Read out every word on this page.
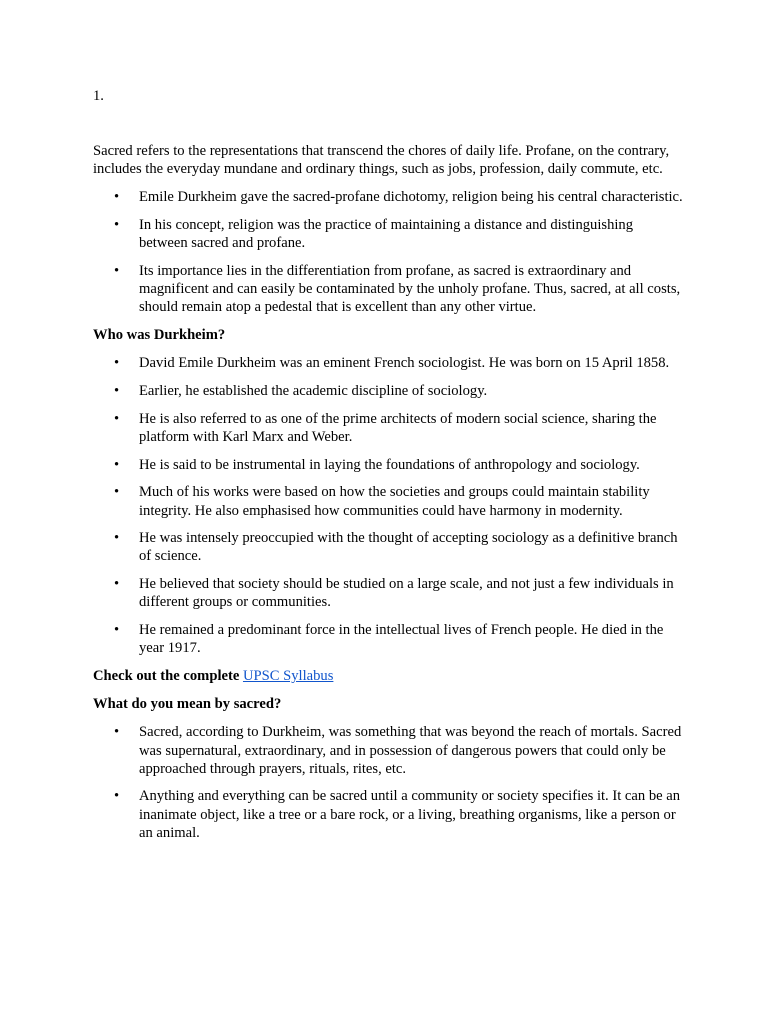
1.

Sacred refers to the representations that transcend the chores of daily life. Profane, on the contrary, includes the everyday mundane and ordinary things, such as jobs, profession, daily commute, etc.

• Emile Durkheim gave the sacred-profane dichotomy, religion being his central characteristic.
• In his concept, religion was the practice of maintaining a distance and distinguishing between sacred and profane.
• Its importance lies in the differentiation from profane, as sacred is extraordinary and magnificent and can easily be contaminated by the unholy profane. Thus, sacred, at all costs, should remain atop a pedestal that is excellent than any other virtue.

Who was Durkheim?

• David Emile Durkheim was an eminent French sociologist. He was born on 15 April 1858.
• Earlier, he established the academic discipline of sociology.
• He is also referred to as one of the prime architects of modern social science, sharing the platform with Karl Marx and Weber.
• He is said to be instrumental in laying the foundations of anthropology and sociology.
• Much of his works were based on how the societies and groups could maintain stability integrity. He also emphasised how communities could have harmony in modernity.
• He was intensely preoccupied with the thought of accepting sociology as a definitive branch of science.
• He believed that society should be studied on a large scale, and not just a few individuals in different groups or communities.
• He remained a predominant force in the intellectual lives of French people. He died in the year 1917.

Check out the complete UPSC Syllabus

What do you mean by sacred?

• Sacred, according to Durkheim, was something that was beyond the reach of mortals. Sacred was supernatural, extraordinary, and in possession of dangerous powers that could only be approached through prayers, rituals, rites, etc.
• Anything and everything can be sacred until a community or society specifies it. It can be an inanimate object, like a tree or a bare rock, or a living, breathing organisms, like a person or an animal.
